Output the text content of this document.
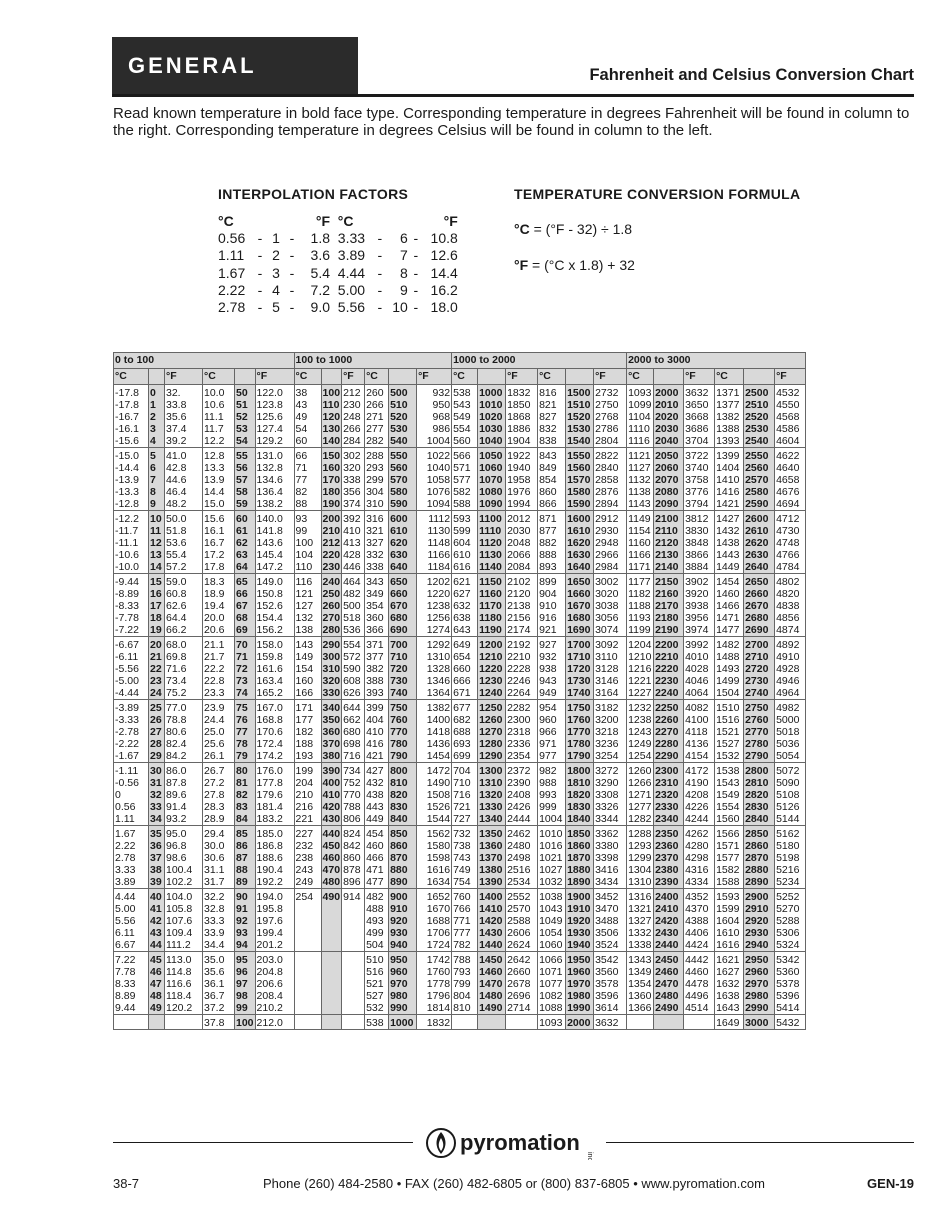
GENERAL	Fahrenheit and Celsius Conversion Chart
Read known temperature in bold face type. Corresponding temperature in degrees Fahrenheit will be found in column to the right. Corresponding temperature in degrees Celsius will be found in column to the left.
INTERPOLATION FACTORS	TEMPERATURE CONVERSION FORMULA
°C	°F °C	°F
0.56 - 1 - 1.8 3.33 - 6 - 10.8
1.11 - 2 - 3.6 3.89 - 7 - 12.6
1.67 - 3 - 5.4 4.44 - 8 - 14.4
2.22 - 4 - 7.2 5.00 - 9 - 16.2
2.78 - 5 - 9.0 5.56 - 10 - 18.0
°C = (°F - 32) ÷ 1.8
°F = (°C x 1.8) + 32
0 to 100						100 to 1000						1000 to 2000						2000 to 3000					
°C		°F	°C		°F	°C		°F	°C		°F	°C		°F	°C		°F	°C		°F	°C		°F
-17.8	0	32.	10.0	50	122.0	38	100	212	260	500	932	538	1000	1832	816	1500	2732	1093	2000	3632	1371	2500	4532
-17.8	1	33.8	10.6	51	123.8	43	110	230	266	510	950	543	1010	1850	821	1510	2750	1099	2010	3650	1377	2510	4550
-16.7	2	35.6	11.1	52	125.6	49	120	248	271	520	968	549	1020	1868	827	1520	2768	1104	2020	3668	1382	2520	4568
-16.1	3	37.4	11.7	53	127.4	54	130	266	277	530	986	554	1030	1886	832	1530	2786	1110	2030	3686	1388	2530	4586
-15.6	4	39.2	12.2	54	129.2	60	140	284	282	540	1004	560	1040	1904	838	1540	2804	1116	2040	3704	1393	2540	4604
-15.0	5	41.0	12.8	55	131.0	66	150	302	288	550	1022	566	1050	1922	843	1550	2822	1121	2050	3722	1399	2550	4622
-14.4	6	42.8	13.3	56	132.8	71	160	320	293	560	1040	571	1060	1940	849	1560	2840	1127	2060	3740	1404	2560	4640
-13.9	7	44.6	13.9	57	134.6	77	170	338	299	570	1058	577	1070	1958	854	1570	2858	1132	2070	3758	1410	2570	4658
-13.3	8	46.4	14.4	58	136.4	82	180	356	304	580	1076	582	1080	1976	860	1580	2876	1138	2080	3776	1416	2580	4676
-12.8	9	48.2	15.0	59	138.2	88	190	374	310	590	1094	588	1090	1994	866	1590	2894	1143	2090	3794	1421	2590	4694
-12.2	10	50.0	15.6	60	140.0	93	200	392	316	600	1112	593	1100	2012	871	1600	2912	1149	2100	3812	1427	2600	4712
-11.7	11	51.8	16.1	61	141.8	99	210	410	321	610	1130	599	1110	2030	877	1610	2930	1154	2110	3830	1432	2610	4730
-11.1	12	53.6	16.7	62	143.6	100	212	413	327	620	1148	604	1120	2048	882	1620	2948	1160	2120	3848	1438	2620	4748
-10.6	13	55.4	17.2	63	145.4	104	220	428	332	630	1166	610	1130	2066	888	1630	2966	1166	2130	3866	1443	2630	4766
-10.0	14	57.2	17.8	64	147.2	110	230	446	338	640	1184	616	1140	2084	893	1640	2984	1171	2140	3884	1449	2640	4784
-9.44	15	59.0	18.3	65	149.0	116	240	464	343	650	1202	621	1150	2102	899	1650	3002	1177	2150	3902	1454	2650	4802
-8.89	16	60.8	18.9	66	150.8	121	250	482	349	660	1220	627	1160	2120	904	1660	3020	1182	2160	3920	1460	2660	4820
-8.33	17	62.6	19.4	67	152.6	127	260	500	354	670	1238	632	1170	2138	910	1670	3038	1188	2170	3938	1466	2670	4838
-7.78	18	64.4	20.0	68	154.4	132	270	518	360	680	1256	638	1180	2156	916	1680	3056	1193	2180	3956	1471	2680	4856
-7.22	19	66.2	20.6	69	156.2	138	280	536	366	690	1274	643	1190	2174	921	1690	3074	1199	2190	3974	1477	2690	4874
-6.67	20	68.0	21.1	70	158.0	143	290	554	371	700	1292	649	1200	2192	927	1700	3092	1204	2200	3992	1482	2700	4892
-6.11	21	69.8	21.7	71	159.8	149	300	572	377	710	1310	654	1210	2210	932	1710	3110	1210	2210	4010	1488	2710	4910
-5.56	22	71.6	22.2	72	161.6	154	310	590	382	720	1328	660	1220	2228	938	1720	3128	1216	2220	4028	1493	2720	4928
-5.00	23	73.4	22.8	73	163.4	160	320	608	388	730	1346	666	1230	2246	943	1730	3146	1221	2230	4046	1499	2730	4946
-4.44	24	75.2	23.3	74	165.2	166	330	626	393	740	1364	671	1240	2264	949	1740	3164	1227	2240	4064	1504	2740	4964
-3.89	25	77.0	23.9	75	167.0	171	340	644	399	750	1382	677	1250	2282	954	1750	3182	1232	2250	4082	1510	2750	4982
-3.33	26	78.8	24.4	76	168.8	177	350	662	404	760	1400	682	1260	2300	960	1760	3200	1238	2260	4100	1516	2760	5000
-2.78	27	80.6	25.0	77	170.6	182	360	680	410	770	1418	688	1270	2318	966	1770	3218	1243	2270	4118	1521	2770	5018
-2.22	28	82.4	25.6	78	172.4	188	370	698	416	780	1436	693	1280	2336	971	1780	3236	1249	2280	4136	1527	2780	5036
-1.67	29	84.2	26.1	79	174.2	193	380	716	421	790	1454	699	1290	2354	977	1790	3254	1254	2290	4154	1532	2790	5054
-1.11	30	86.0	26.7	80	176.0	199	390	734	427	800	1472	704	1300	2372	982	1800	3272	1260	2300	4172	1538	2800	5072
-0.56	31	87.8	27.2	81	177.8	204	400	752	432	810	1490	710	1310	2390	988	1810	3290	1266	2310	4190	1543	2810	5090
0	32	89.6	27.8	82	179.6	210	410	770	438	820	1508	716	1320	2408	993	1820	3308	1271	2320	4208	1549	2820	5108
0.56	33	91.4	28.3	83	181.4	216	420	788	443	830	1526	721	1330	2426	999	1830	3326	1277	2330	4226	1554	2830	5126
1.11	34	93.2	28.9	84	183.2	221	430	806	449	840	1544	727	1340	2444	1004	1840	3344	1282	2340	4244	1560	2840	5144
1.67	35	95.0	29.4	85	185.0	227	440	824	454	850	1562	732	1350	2462	1010	1850	3362	1288	2350	4262	1566	2850	5162
2.22	36	96.8	30.0	86	186.8	232	450	842	460	860	1580	738	1360	2480	1016	1860	3380	1293	2360	4280	1571	2860	5180
2.78	37	98.6	30.6	87	188.6	238	460	860	466	870	1598	743	1370	2498	1021	1870	3398	1299	2370	4298	1577	2870	5198
3.33	38	100.4	31.1	88	190.4	243	470	878	471	880	1616	749	1380	2516	1027	1880	3416	1304	2380	4316	1582	2880	5216
3.89	39	102.2	31.7	89	192.2	249	480	896	477	890	1634	754	1390	2534	1032	1890	3434	1310	2390	4334	1588	2890	5234
4.44	40	104.0	32.2	90	194.0	254	490	914	482	900	1652	760	1400	2552	1038	1900	3452	1316	2400	4352	1593	2900	5252
5.00	41	105.8	32.8	91	195.8				488	910	1670	766	1410	2570	1043	1910	3470	1321	2410	4370	1599	2910	5270
5.56	42	107.6	33.3	92	197.6				493	920	1688	771	1420	2588	1049	1920	3488	1327	2420	4388	1604	2920	5288
6.11	43	109.4	33.9	93	199.4				499	930	1706	777	1430	2606	1054	1930	3506	1332	2430	4406	1610	2930	5306
6.67	44	111.2	34.4	94	201.2				504	940	1724	782	1440	2624	1060	1940	3524	1338	2440	4424	1616	2940	5324
7.22	45	113.0	35.0	95	203.0				510	950	1742	788	1450	2642	1066	1950	3542	1343	2450	4442	1621	2950	5342
7.78	46	114.8	35.6	96	204.8				516	960	1760	793	1460	2660	1071	1960	3560	1349	2460	4460	1627	2960	5360
8.33	47	116.6	36.1	97	206.6				521	970	1778	799	1470	2678	1077	1970	3578	1354	2470	4478	1632	2970	5378
8.89	48	118.4	36.7	98	208.4				527	980	1796	804	1480	2696	1082	1980	3596	1360	2480	4496	1638	2980	5396
9.44	49	120.2	37.2	99	210.2				532	990	1814	810	1490	2714	1088	1990	3614	1366	2490	4514	1643	2990	5414
			37.8	100	212.0				538	1000	1832				1093	2000	3632				1649	3000	5432
pyromation
inc.
38-7	Phone (260) 484-2580 • FAX (260) 482-6805 or (800) 837-6805 • www.pyromation.com	GEN-19
